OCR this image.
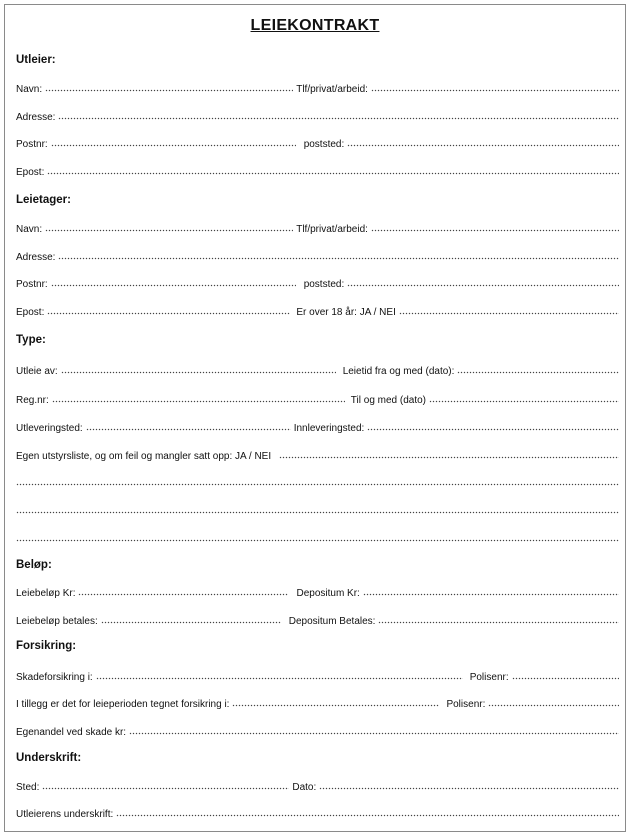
LEIEKONTRAKT
Utleier:
Navn:	Tlf/privat/arbeid:
Adresse:
Postnr:	poststed:
Epost:
Leietager:
Navn:	Tlf/privat/arbeid:
Adresse:
Postnr:	poststed:
Epost:	Er over 18 år: JA / NEI
Type:
Utleie av:	Leietid fra og med (dato):
Reg.nr:	Til og med (dato)
Utleveringsted:	Innleveringsted:
Egen utstyrsliste, og om feil og mangler satt opp: JA / NEI
Beløp:
Leiebeløp Kr:	Depositum Kr:
Leiebeløp betales:	Depositum Betales:
Forsikring:
Skadeforsikring i:	Polisenr:
I tillegg er det for leieperioden tegnet forsikring i:	Polisenr:
Egenandel ved skade kr:
Underskrift:
Sted:	Dato:
Utleierens underskrift:
